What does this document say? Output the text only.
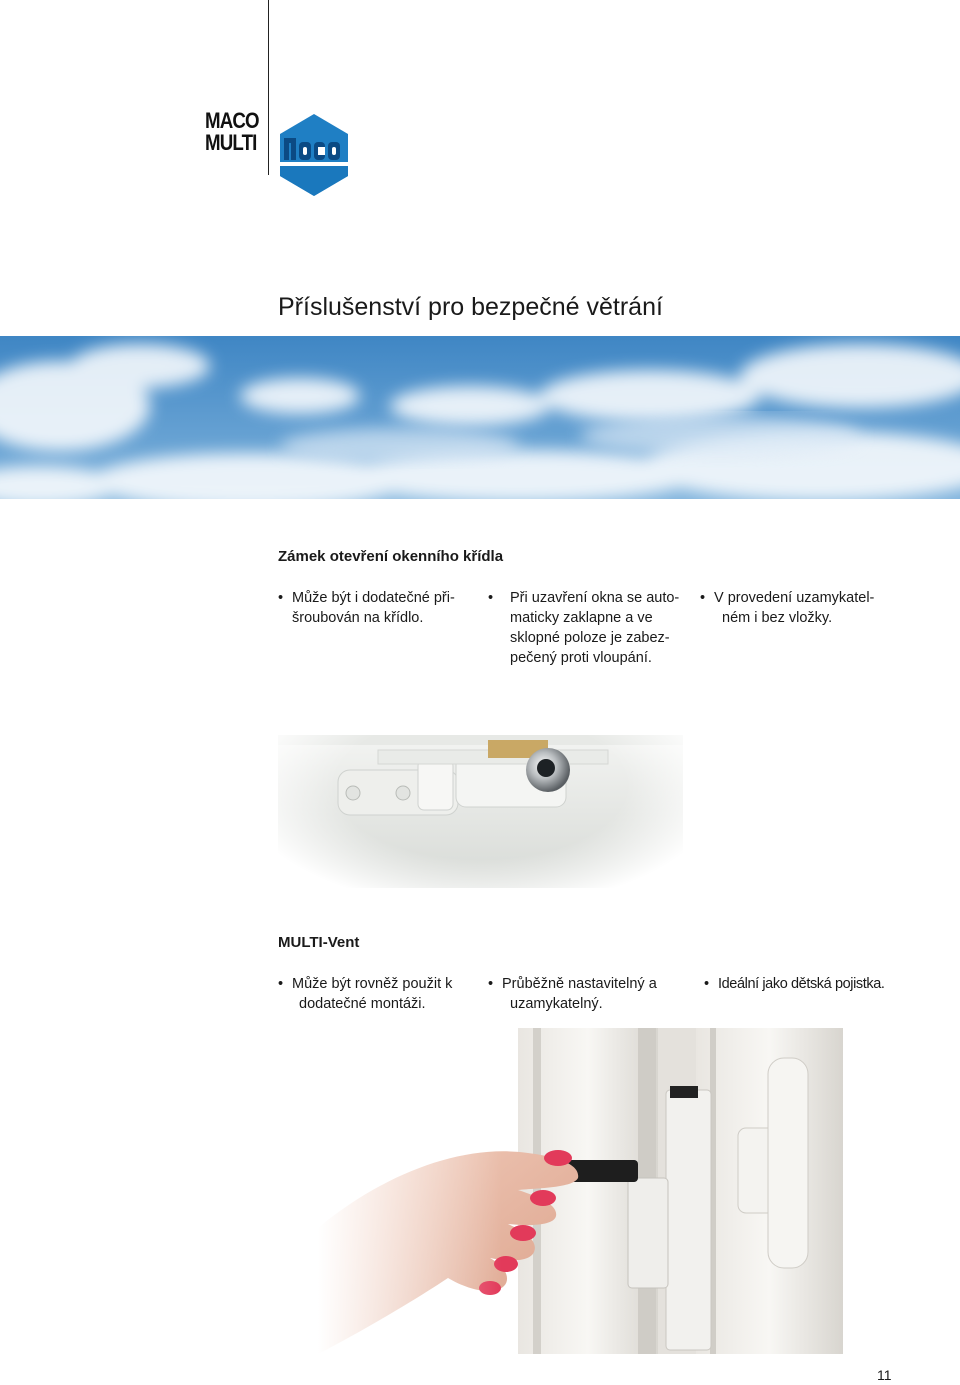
MACO
MULTI
Příslušenství pro bezpečné větrání
Zámek otevření okenního křídla
• Může být i dodatečné při-
šroubován na křídlo.
•	Při uzavření okna se auto-
maticky zaklapne a ve
sklopné poloze je zabez-
pečený proti vloupání.
• V provedení uzamykatel-
ném i bez vložky.
MULTI-Vent
• Může být rovněž použit k
dodatečné montáži.
• Průběžně nastavitelný a
uzamykatelný.
• Ideální jako dětská pojistka.
11
